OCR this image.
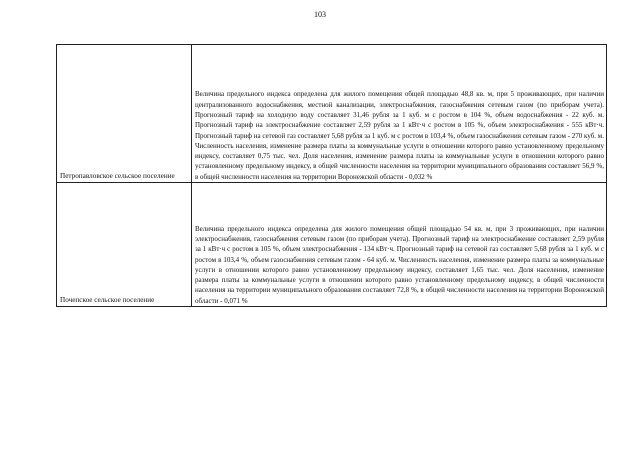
103
Петропавловское сельское поселение	Величина предельного индекса определена для жилого помещения общей площадью 48,8 кв. м, при 5 проживающих, при наличии централизованного водоснабжения, местной канализации, электроснабжения, газоснабжения сетевым газом (по приборам учета). Прогнозный тариф на холодную воду составляет 31,46 рубля за 1 куб. м с ростом в 104 %, объем водоснабжения - 22 куб. м. Прогнозный тариф на электроснабжение составляет 2,59 рубля за 1 кВт·ч с ростом в 105 %, объем электроснабжения - 555 кВт·ч. Прогнозный тариф на сетевой газ составляет 5,68 рубля за 1 куб. м с ростом в 103,4 %, объем газоснабжения сетевым газом - 270 куб. м. Численность населения, изменение размера платы за коммунальные услуги в отношении которого равно установленному предельному индексу, составляет 0,75 тыс. чел. Доля населения, изменение размера платы за коммунальные услуги в отношении которого равно установленному предельному индексу, в общей численности населения на территории муниципального образования составляет 56,9 %, в общей численности населения на территории Воронежской области - 0,032 %

Почепское сельское поселение	Величина предельного индекса определена для жилого помещения общей площадью 54 кв. м, при 3 проживающих, при наличии электроснабжения, газоснабжения сетевым газом (по приборам учета). Прогнозный тариф на электроснабжение составляет 2,59 рубля за 1 кВт·ч с ростом в 105 %, объем электроснабжения - 134 кВт·ч. Прогнозный тариф на сетевой газ составляет 5,68 рубля за 1 куб. м с ростом в 103,4 %, объем газоснабжения сетевым газом - 64 куб. м. Численность населения, изменение размера платы за коммунальные услуги в отношении которого равно установленному предельному индексу, составляет 1,65 тыс. чел. Доля населения, изменение размера платы за коммунальные услуги в отношении которого равно установленному предельному индексу, в общей численности населения на территории муниципального образования составляет 72,8 %, в общей численности населения на территории Воронежской области - 0,071 %
